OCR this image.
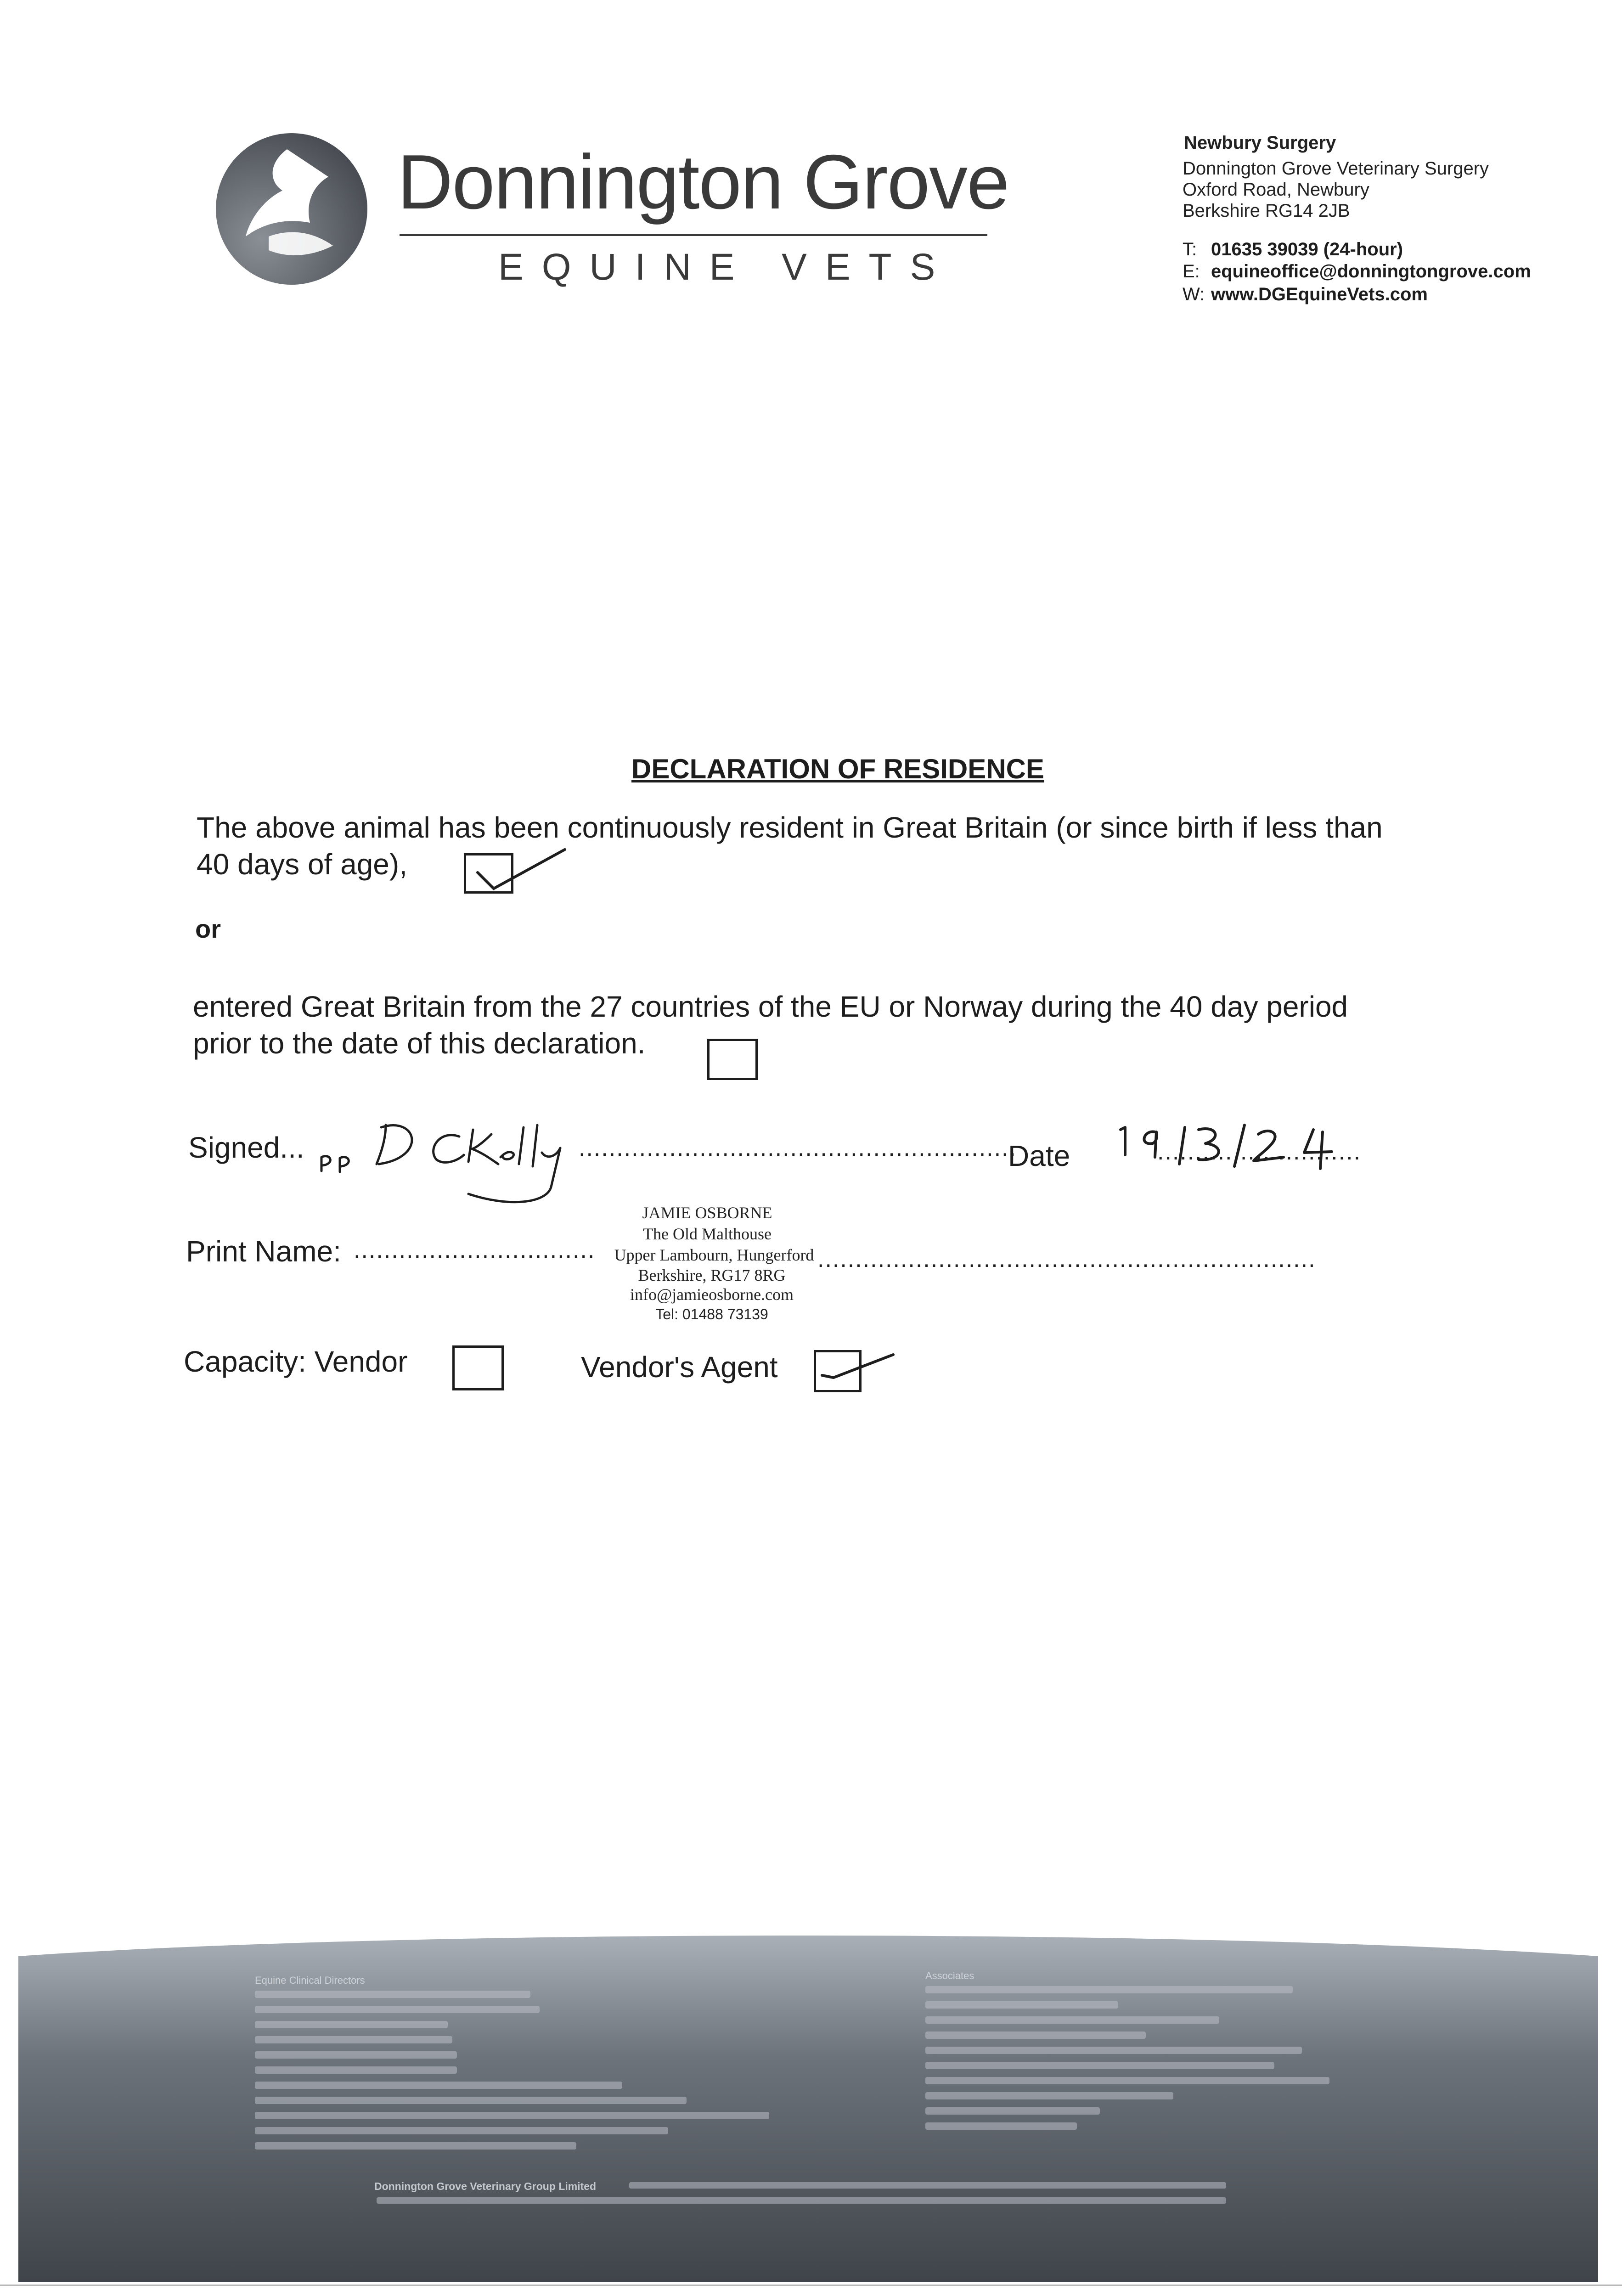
Donnington Grove
EQUINE VETS
Newbury Surgery
Donnington Grove Veterinary Surgery
Oxford Road, Newbury
Berkshire RG14 2JB
T: 01635 39039 (24-hour)
E: equineoffice@donningtongrove.com
W: www.DGEquineVets.com
DECLARATION OF RESIDENCE
The above animal has been continuously resident in Great Britain (or since birth if less than
40 days of age),
or
entered Great Britain from the 27 countries of the EU or Norway during the 40 day period
prior to the date of this declaration.
Signed...	..........................................................
Date	...........................
Print Name: ................................	..................................................................
JAMIE OSBORNE
The Old Malthouse
Upper Lambourn, Hungerford
Berkshire, RG17 8RG
info@jamieosborne.com
Tel: 01488 73139
Capacity: Vendor	Vendor's Agent
Equine Clinical Directors	Associates
Donnington Grove Veterinary Group Limited
